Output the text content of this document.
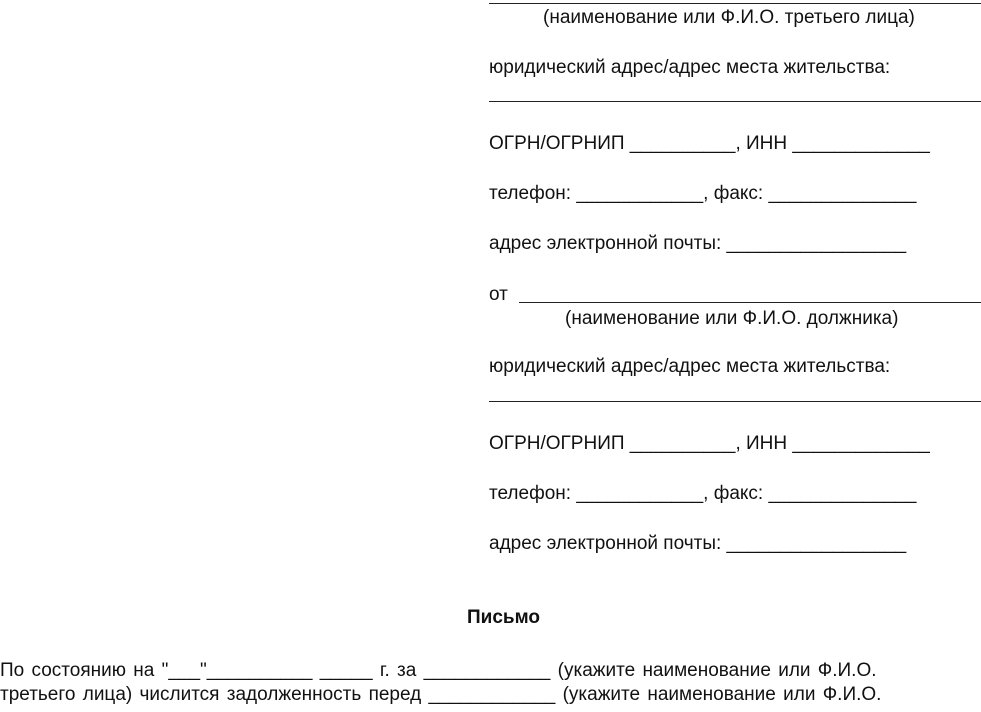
(наименование или Ф.И.О. третьего лица)
юридический адрес/адрес места жительства:
ОГРН/ОГРНИП __________, ИНН _____________
телефон: ____________, факс: ______________
адрес электронной почты: _________________
от
(наименование или Ф.И.О. должника)
юридический адрес/адрес места жительства:
ОГРН/ОГРНИП __________, ИНН _____________
телефон: ____________, факс: ______________
адрес электронной почты: _________________
Письмо
По состоянию на "___"__________ _____ г. за ____________ (укажите наименование или Ф.И.О.
третьего лица) числится задолженность перед ____________ (укажите наименование или Ф.И.О.
